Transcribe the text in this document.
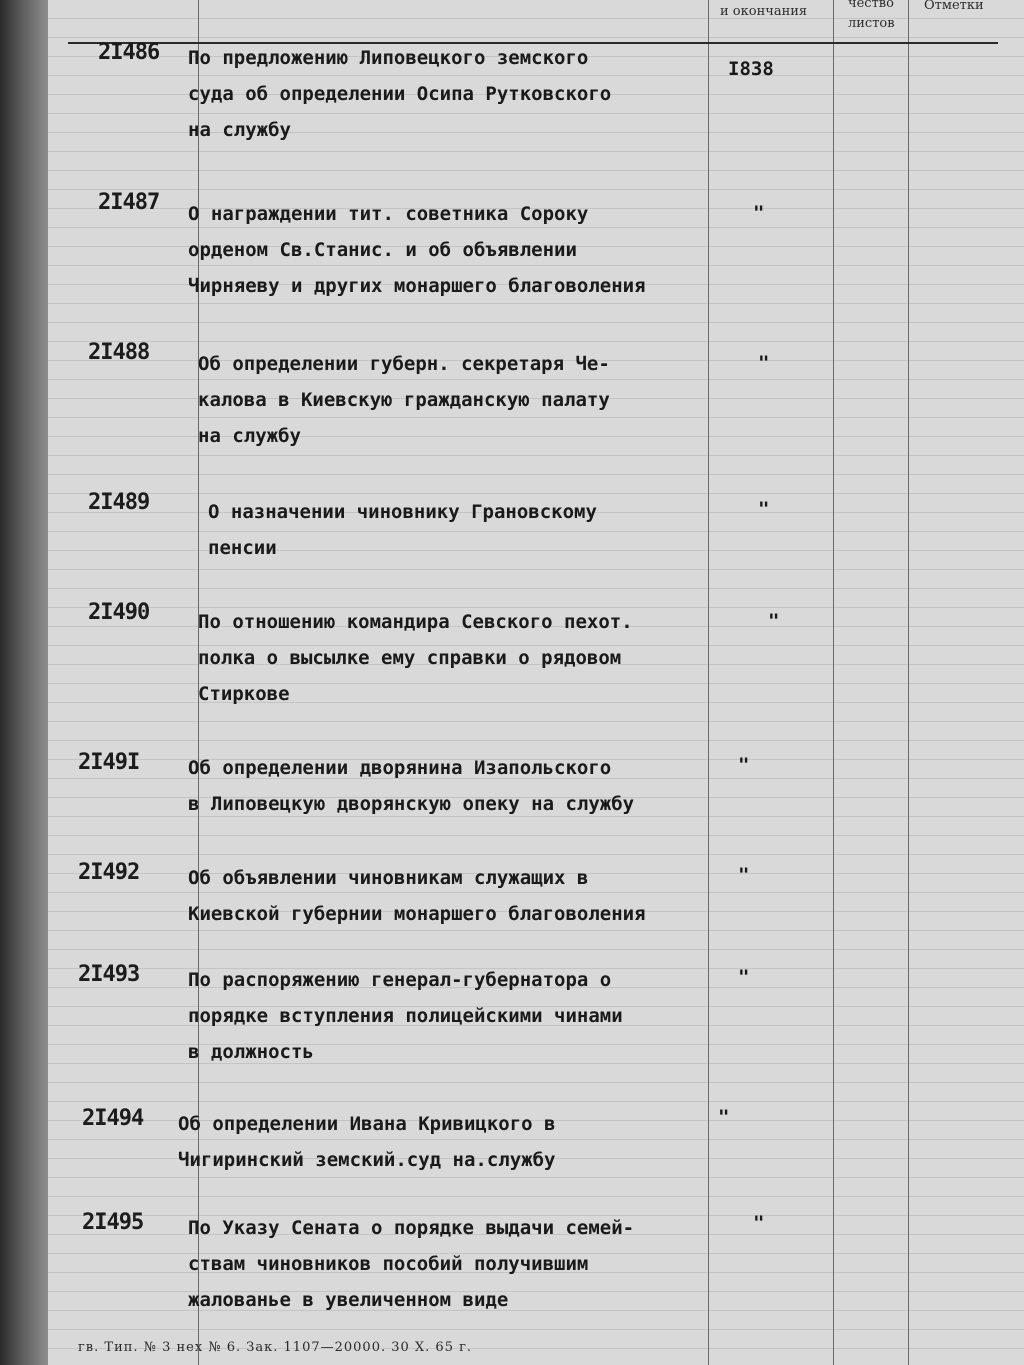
и окончания
чество
листов
Отметки
2I486 По предложению Липовецкого земского
суда об определении Осипа Рутковского
на службу
I838
2I487 О награждении тит. советника Сороку
орденом Св.Станис. и об объявлении
Чирняеву и других монаршего благоволения
"
2I488	Об определении губерн. секретаря Че-
калова в Киевскую гражданскую палату
на службу
"
2I489	О назначении чиновнику Грановскому
пенсии
"
2I490	По отношению командира Севского пехот.
полка о высылке ему справки о рядовом
Стиркове
"
2I49I	Об определении дворянина Изапольского
в Липовецкую дворянскую опеку на службу
"
2I492	Об объявлении чиновникам служащих в
Киевской губернии монаршего благоволения
"
2I493	По распоряжению генерал-губернатора о
порядке вступления полицейскими чинами
в должность
"
2I494 Об определении Ивана Кривицкого в
Чигиринский земский.суд на.службу
"
2I495 По Указу Сената о порядке выдачи семей-
ствам чиновников пособий получившим
жалованье в увеличенном виде
"
гв. Тип. № 3 нех № 6. Зак. 1107—20000. 30 X. 65 г.
